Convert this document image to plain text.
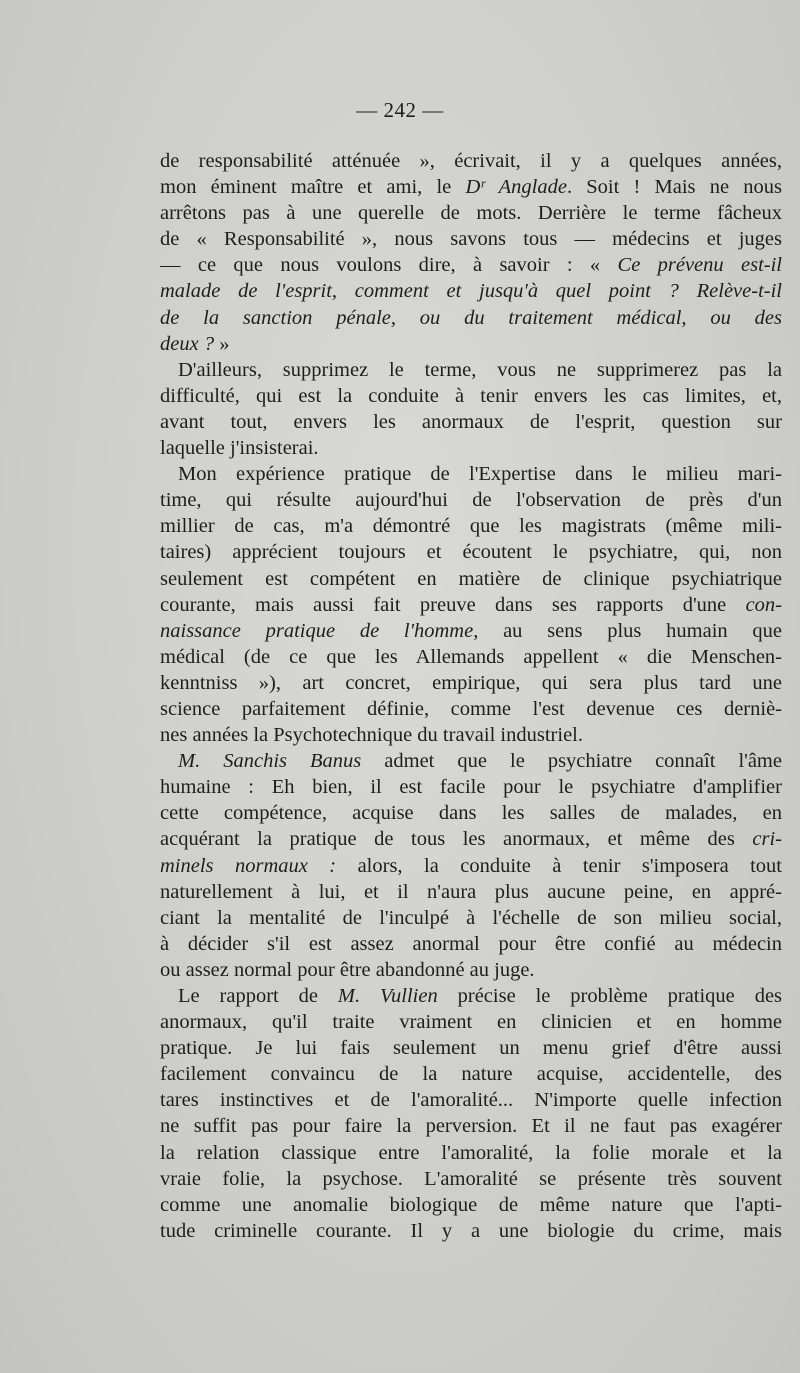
— 242 —
de responsabilité atténuée », écrivait, il y a quelques années,
mon éminent maître et ami, le Dʳ Anglade. Soit ! Mais ne nous
arrêtons pas à une querelle de mots. Derrière le terme fâcheux
de « Responsabilité », nous savons tous — médecins et juges
— ce que nous voulons dire, à savoir : « Ce prévenu est-il
malade de l'esprit, comment et jusqu'à quel point ? Relève-t-il
de la sanction pénale, ou du traitement médical, ou des
deux ? »
D'ailleurs, supprimez le terme, vous ne supprimerez pas la
difficulté, qui est la conduite à tenir envers les cas limites, et,
avant tout, envers les anormaux de l'esprit, question sur
laquelle j'insisterai.
Mon expérience pratique de l'Expertise dans le milieu mari-
time, qui résulte aujourd'hui de l'observation de près d'un
millier de cas, m'a démontré que les magistrats (même mili-
taires) apprécient toujours et écoutent le psychiatre, qui, non
seulement est compétent en matière de clinique psychiatrique
courante, mais aussi fait preuve dans ses rapports d'une con-
naissance pratique de l'homme, au sens plus humain que
médical (de ce que les Allemands appellent « die Menschen-
kenntniss »), art concret, empirique, qui sera plus tard une
science parfaitement définie, comme l'est devenue ces derniè-
nes années la Psychotechnique du travail industriel.
M. Sanchis Banus admet que le psychiatre connaît l'âme
humaine : Eh bien, il est facile pour le psychiatre d'amplifier
cette compétence, acquise dans les salles de malades, en
acquérant la pratique de tous les anormaux, et même des cri-
minels normaux : alors, la conduite à tenir s'imposera tout
naturellement à lui, et il n'aura plus aucune peine, en appré-
ciant la mentalité de l'inculpé à l'échelle de son milieu social,
à décider s'il est assez anormal pour être confié au médecin
ou assez normal pour être abandonné au juge.
Le rapport de M. Vullien précise le problème pratique des
anormaux, qu'il traite vraiment en clinicien et en homme
pratique. Je lui fais seulement un menu grief d'être aussi
facilement convaincu de la nature acquise, accidentelle, des
tares instinctives et de l'amoralité... N'importe quelle infection
ne suffit pas pour faire la perversion. Et il ne faut pas exagérer
la relation classique entre l'amoralité, la folie morale et la
vraie folie, la psychose. L'amoralité se présente très souvent
comme une anomalie biologique de même nature que l'apti-
tude criminelle courante. Il y a une biologie du crime, mais
